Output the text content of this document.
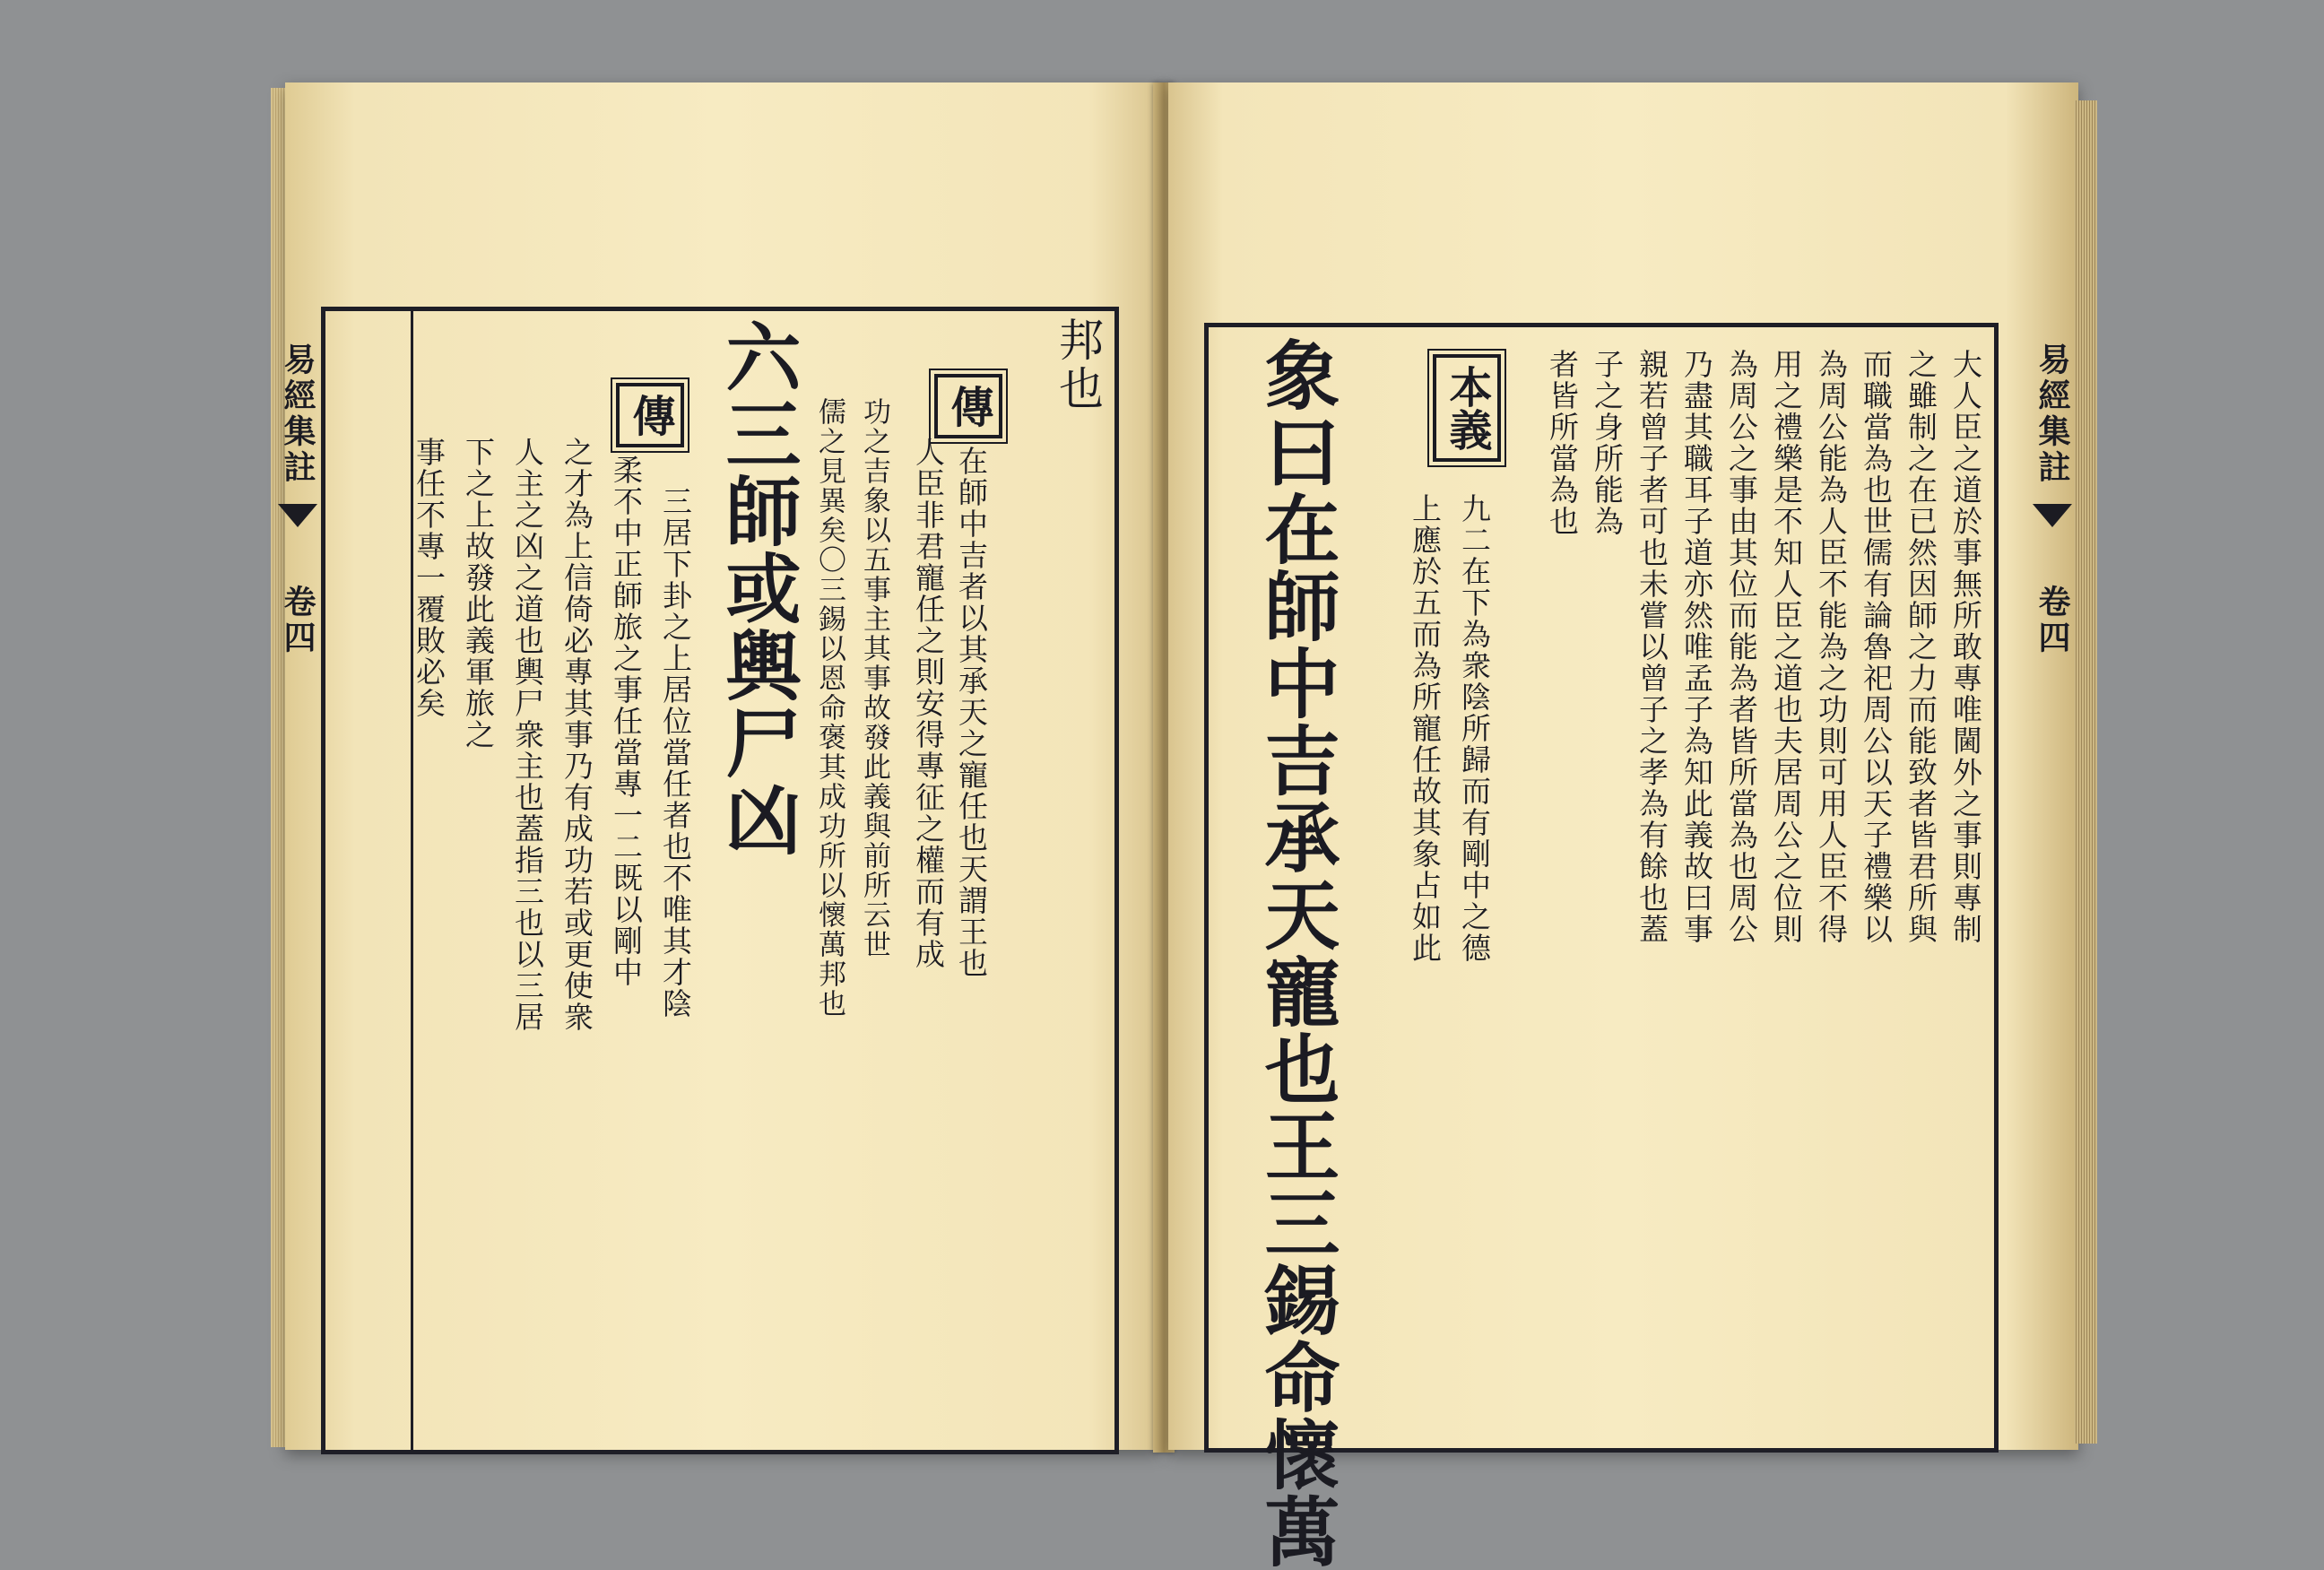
邦也
傳
在師中吉者以其承天之寵任也天謂王也
人臣非君寵任之則安得專征之權而有成
功之吉象以五事主其事故發此義與前所云世
儒之見異矣〇三錫以恩命褒其成功所以懷萬邦也
六三師或輿尸凶
傳
三居下卦之上居位當任者也不唯其才陰
柔不中正師旅之事任當專一二既以剛中
之才為上信倚必專其事乃有成功若或更使衆
人主之凶之道也輿尸衆主也蓋指三也以三居
下之上故發此義軍旅之
事任不專一覆敗必矣
易經集註
卷四	大人臣之道於事無所敢專唯閫外之事則專制
之雖制之在已然因師之力而能致者皆君所與
而職當為也世儒有論魯祀周公以天子禮樂以
為周公能為人臣不能為之功則可用人臣不得
用之禮樂是不知人臣之道也夫居周公之位則
為周公之事由其位而能為者皆所當為也周公
乃盡其職耳子道亦然唯孟子為知此義故曰事
親若曾子者可也未嘗以曾子之孝為有餘也蓋
子之身所能為
者皆所當為也
本義
九二在下為衆陰所歸而有剛中之德
上應於五而為所寵任故其象占如此
象曰在師中吉承天寵也王三錫命懷萬	易經集註
卷四
